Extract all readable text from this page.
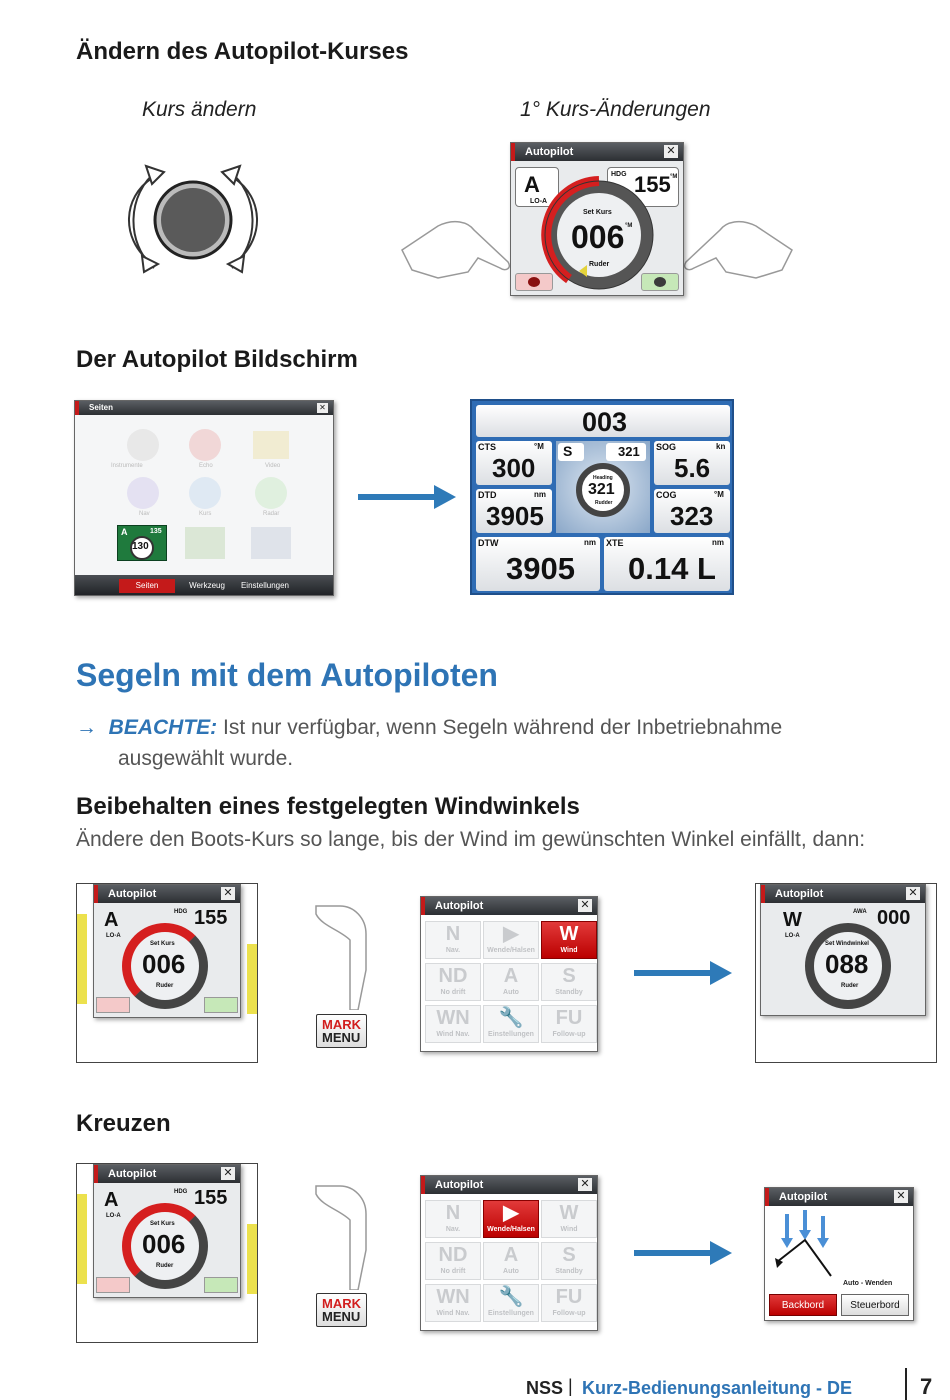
Ändern des Autopilot-Kurses
Kurs ändern	1° Kurs-Änderungen
Autopilot	✕
A
LO-A
HDG 155 °M
Set Kurs
006 °M
Ruder
Der Autopilot Bildschirm
Seiten	✕
Instrumente	Echo	Video
Nav	Kurs	Radar
A	135
130
Seiten	Werkzeug	Einstellungen
003
CTS	°M
300
DTD	nm
3905
S	321
Heading
321
Rudder
SOG	kn
5.6
COG	°M
323
DTW	nm
3905
XTE	nm
0.14 L
Segeln mit dem Autopiloten
→ BEACHTE: Ist nur verfügbar, wenn Segeln während der Inbetriebnahme
ausgewählt wurde.
Beibehalten eines festgelegten Windwinkels
Ändere den Boots-Kurs so lange, bis der Wind im gewünschten Winkel einfällt, dann:
Autopilot	✕
A
LO-A
HDG 155
Set Kurs
006
Ruder
MARK
MENU
Autopilot	✕
N
Nav.
▶
Wende/Halsen
W
Wind
ND
No drift
A
Auto
S
Standby
WN
Wind Nav.
🔧
Einstellungen
FU
Follow-up
Autopilot	✕
W
LO-A
AWA 000
Set Windwinkel
088
Ruder
Kreuzen
Autopilot	✕
A
LO-A
HDG 155
Set Kurs
006
Ruder
MARK
MENU
Autopilot	✕
N
Nav.
▶
Wende/Halsen
W
Wind
ND
No drift
A
Auto
S
Standby
WN
Wind Nav.
🔧
Einstellungen
FU
Follow-up
Autopilot	✕
Auto - Wenden
Backbord	Steuerbord
NSS | Kurz-Bedienungsanleitung - DE	7
